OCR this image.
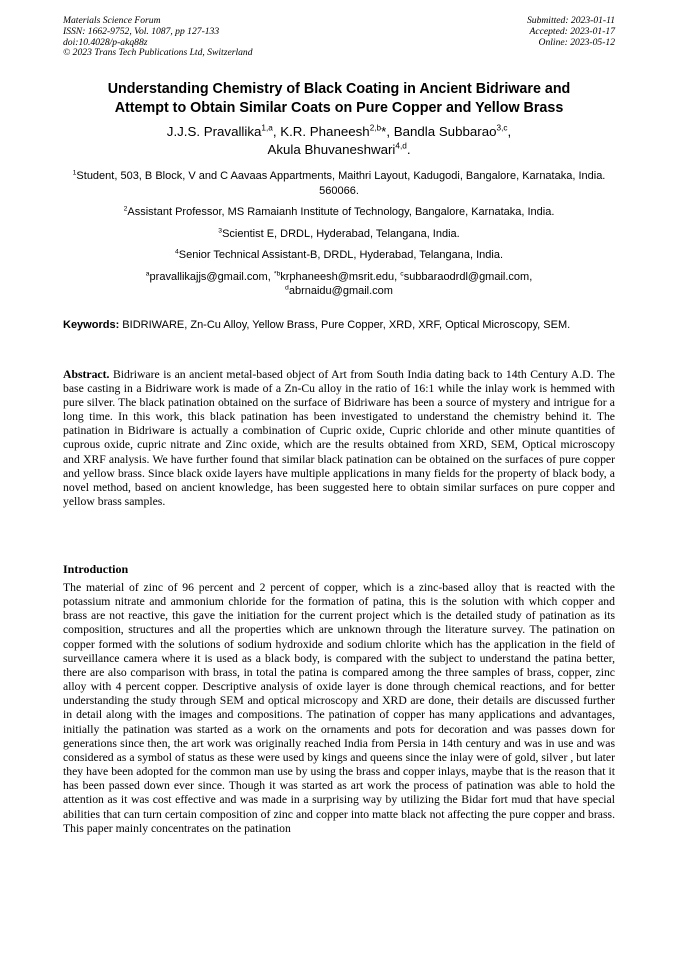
Materials Science Forum
ISSN: 1662-9752, Vol. 1087, pp 127-133
doi:10.4028/p-akq88z
© 2023 Trans Tech Publications Ltd, Switzerland
Submitted: 2023-01-11
Accepted: 2023-01-17
Online: 2023-05-12
Understanding Chemistry of Black Coating in Ancient Bidriware and
Attempt to Obtain Similar Coats on Pure Copper and Yellow Brass
J.J.S. Pravallika$^{1,a}$, K.R. Phaneesh$^{2,b}$*, Bandla Subbarao$^{3,c}$,
Akula Bhuvaneshwari$^{4,d}$.

$^1$Student, 503, B Block, V and C Aavaas Appartments, Maithri Layout, Kadugodi, Bangalore, Karnataka, India. 560066.

$^2$Assistant Professor, MS Ramaianh Institute of Technology, Bangalore, Karnataka, India.

$^3$Scientist E, DRDL, Hyderabad, Telangana, India.

$^4$Senior Technical Assistant-B, DRDL, Hyderabad, Telangana, India.

$^a$pravallikajjs@gmail.com, $^{*b}$krphaneesh@msrit.edu, $^c$subbaraodrdl@gmail.com,
$^d$abrnaidu@gmail.com

Keywords: BIDRIWARE, Zn-Cu Alloy, Yellow Brass, Pure Copper, XRD, XRF, Optical Microscopy, SEM.
Abstract. Bidriware is an ancient metal-based object of Art from South India dating back to 14th Century A.D. The base casting in a Bidriware work is made of a Zn-Cu alloy in the ratio of 16:1 while the inlay work is hemmed with pure silver. The black patination obtained on the surface of Bidriware has been a source of mystery and intrigue for a long time. In this work, this black patination has been investigated to understand the chemistry behind it. The patination in Bidriware is actually a combination of Cupric oxide, Cupric chloride and other minute quantities of cuprous oxide, cupric nitrate and Zinc oxide, which are the results obtained from XRD, SEM, Optical microscopy and XRF analysis. We have further found that similar black patination can be obtained on the surfaces of pure copper and yellow brass. Since black oxide layers have multiple applications in many fields for the property of black body, a novel method, based on ancient knowledge, has been suggested here to obtain similar surfaces on pure copper and yellow brass samples.
Introduction

The material of zinc of 96 percent and 2 percent of copper, which is a zinc-based alloy that is reacted with the potassium nitrate and ammonium chloride for the formation of patina, this is the solution with which copper and brass are not reactive, this gave the initiation for the current project which is the detailed study of patination as its composition, structures and all the properties which are unknown through the literature survey. The patination on copper formed with the solutions of sodium hydroxide and sodium chlorite which has the application in the field of surveillance camera where it is used as a black body, is compared with the subject to understand the patina better, there are also comparison with brass, in total the patina is compared among the three samples of brass, copper, zinc alloy with 4 percent copper. Descriptive analysis of oxide layer is done through chemical reactions, and for better understanding the study through SEM and optical microscopy and XRD are done, their details are discussed further in detail along with the images and compositions. The patination of copper has many applications and advantages, initially the patination was started as a work on the ornaments and pots for decoration and was passes down for generations since then, the art work was originally reached India from Persia in 14th century and was in use and was considered as a symbol of status as these were used by kings and queens since the inlay were of gold, silver , but later they have been adopted for the common man use by using the brass and copper inlays, maybe that is the reason that it has been passed down ever since. Though it was started as art work the process of patination was able to hold the attention as it was cost effective and was made in a surprising way by utilizing the Bidar fort mud that have special abilities that can turn certain composition of zinc and copper into matte black not affecting the pure copper and brass. This paper mainly concentrates on the patination
